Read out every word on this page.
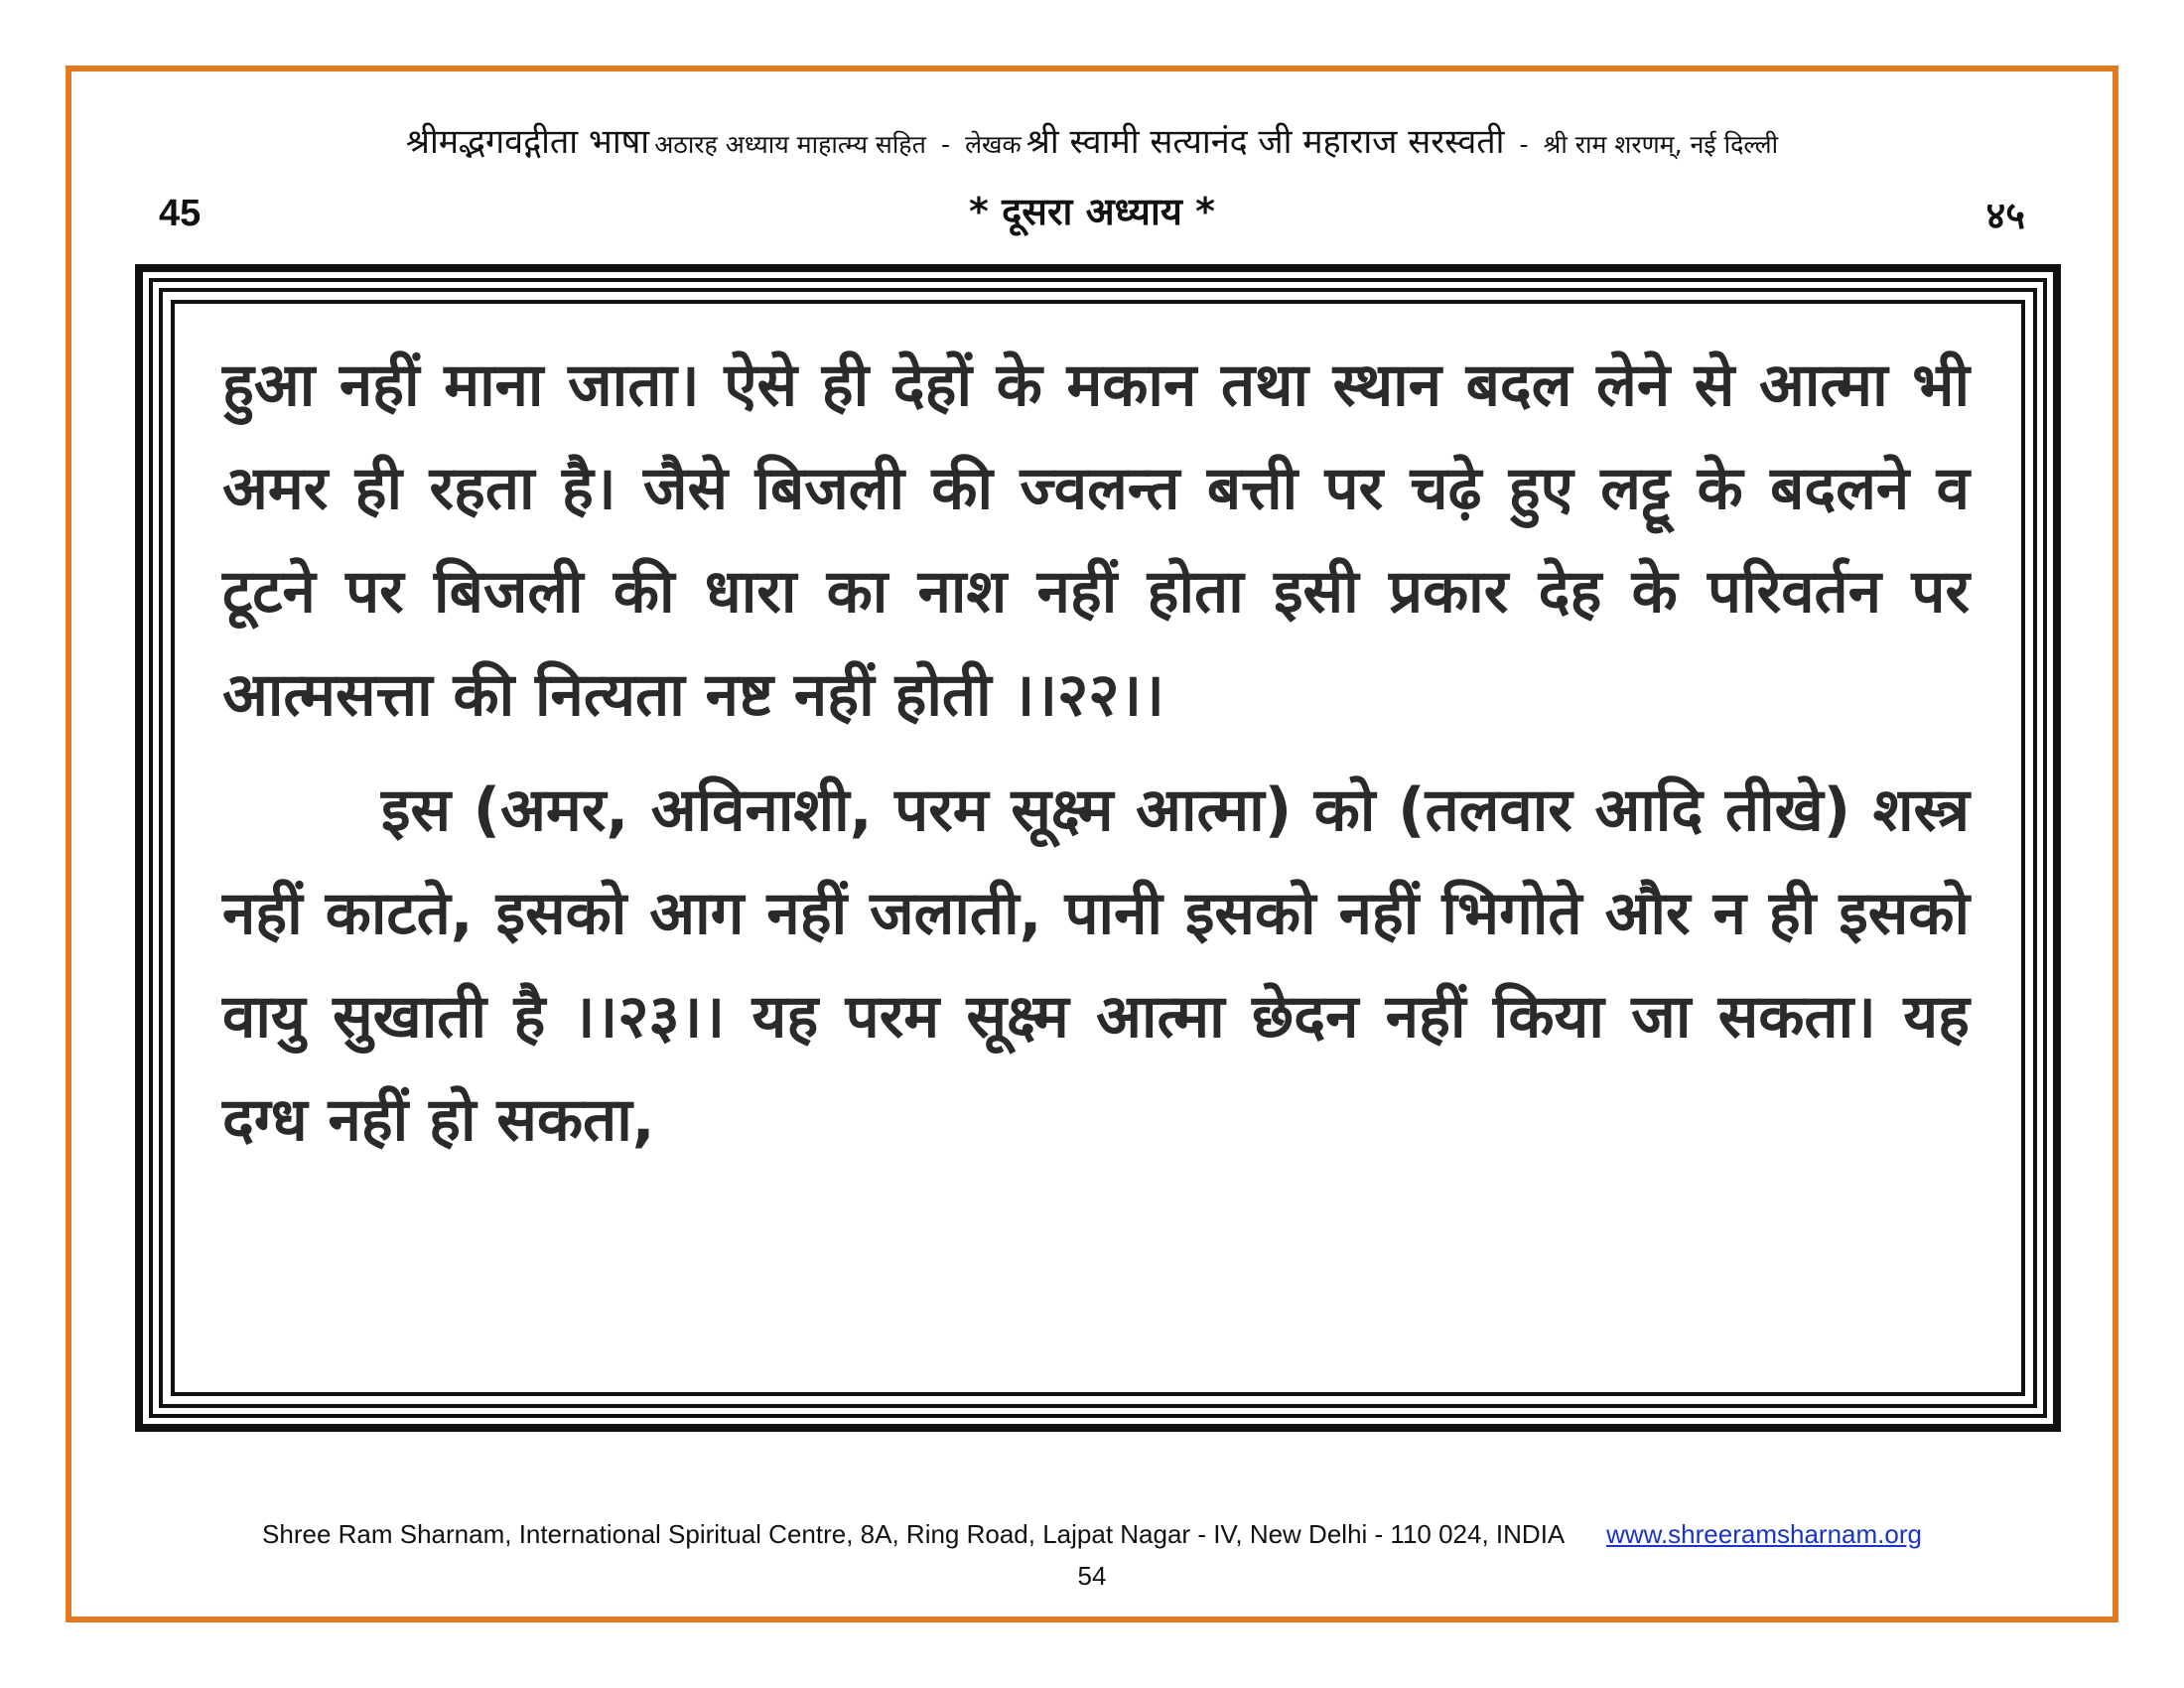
श्रीमद्भगवद्गीता भाषा अठारह अध्याय माहात्म्य सहित - लेखक श्री स्वामी सत्यानंद जी महाराज सरस्वती - श्री राम शरणम्, नई दिल्ली
45	* दूसरा अध्याय *	४५

हुआ नहीं माना जाता। ऐसे ही देहों के मकान तथा स्थान बदल लेने से आत्मा भी अमर ही रहता है। जैसे बिजली की ज्वलन्त बत्ती पर चढ़े हुए लट्टू के बदलने व टूटने पर बिजली की धारा का नाश नहीं होता इसी प्रकार देह के परिवर्तन पर आत्मसत्ता की नित्यता नष्ट नहीं होती ।।२२।।

इस (अमर, अविनाशी, परम सूक्ष्म आत्मा) को (तलवार आदि तीखे) शस्त्र नहीं काटते, इसको आग नहीं जलाती, पानी इसको नहीं भिगोते और न ही इसको वायु सुखाती है ।।२३।। यह परम सूक्ष्म आत्मा छेदन नहीं किया जा सकता। यह दग्ध नहीं हो सकता,

Shree Ram Sharnam, International Spiritual Centre, 8A, Ring Road, Lajpat Nagar - IV, New Delhi - 110 024, INDIA www.shreeramsharnam.org
54
